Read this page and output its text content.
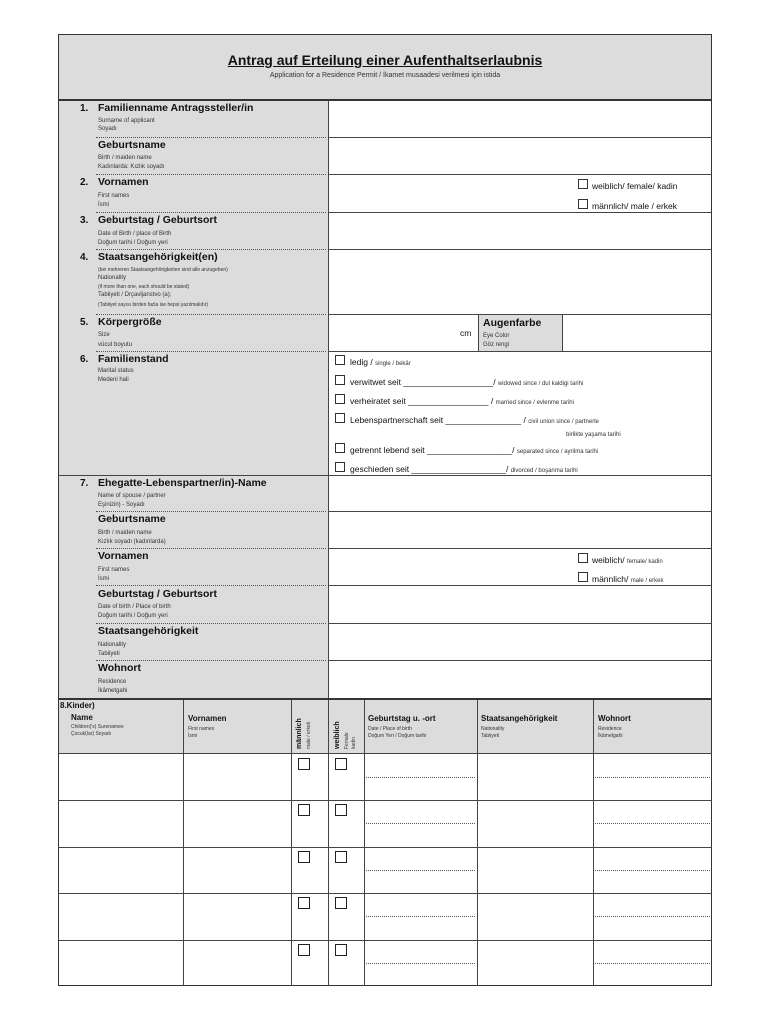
Antrag auf Erteilung einer Aufenthaltserlaubnis
Application for a Residence Permit / İkamet musaadesi verilmesi için istida
1. Familienname Antragssteller/in
Surname of applicant
Soyadı
Geburtsname
Birth / maiden name
Kadınlarda: Kızlık soyadı
2. Vornamen
First names
İsmi
weiblich/ female/ kadin
männlich/ male / erkek
3. Geburtstag / Geburtsort
Date of Birth / place of Birth
Doğum tarihi / Doğum yeri
4. Staatsangehörigkeit(en)
(bei mehreren Staatsangehörigkeiten sind alle anzugeben)
Nationality
(if more than one, each should be stated)
Tabiiyeti / Drҫavljanstvo (a);
(Tabiiyet sayısı birden fazla ise hepsi yazılmalıdır)
5. Körpergröße
Size
vücut boyutu
cm
Augenfarbe
Eye Color
Göz rengi
6. Familienstand
Marital status
Medeni hali
ledig / single / bekâr
verwitwet seit ___________________/ widowed since / dul kaldigi tarihi
verheiratet seit _________________ / married since / evlenme tarihi
Lebenspartnerschaft seit ________________ / civil union since / partnerle
birlikte yaşama tarihi
getrennt lebend seit __________________/ separated since / ayrilma tarihi
geschieden seit ____________________/ divorced / boşanma tarihi
7. Ehegatte-Lebenspartner/in)-Name
Name of spouse / partner
Eşinizin) - Soyadı
Geburtsname
Birth / maiden name
Kızlık soyadı (kadınlarda)
Vornamen
First names
İsmi
weiblich/ female/ kadin
männlich/ male / erkek
Geburtstag / Geburtsort
Date of birth / Place of birth
Doğum tarihi / Doğum yeri
Staatsangehörigkeit
Nationality
Tabiiyeti
Wohnort
Residence
İkâmetgahi
8.Kinder)
Name
Children('s) Surenamee
Çocuk(lar) Soyadı
Vornamen
First names
İsmi	männlich male / erkek	weiblich Female kadin
Geburtstag u. -ort
Date / Place of birth
Doğum Yeri / Doğum tarihi
Staatsangehörigkeit
Nationality
Tabiiyeti
Wohnort
Residence
İkâmetgahi
